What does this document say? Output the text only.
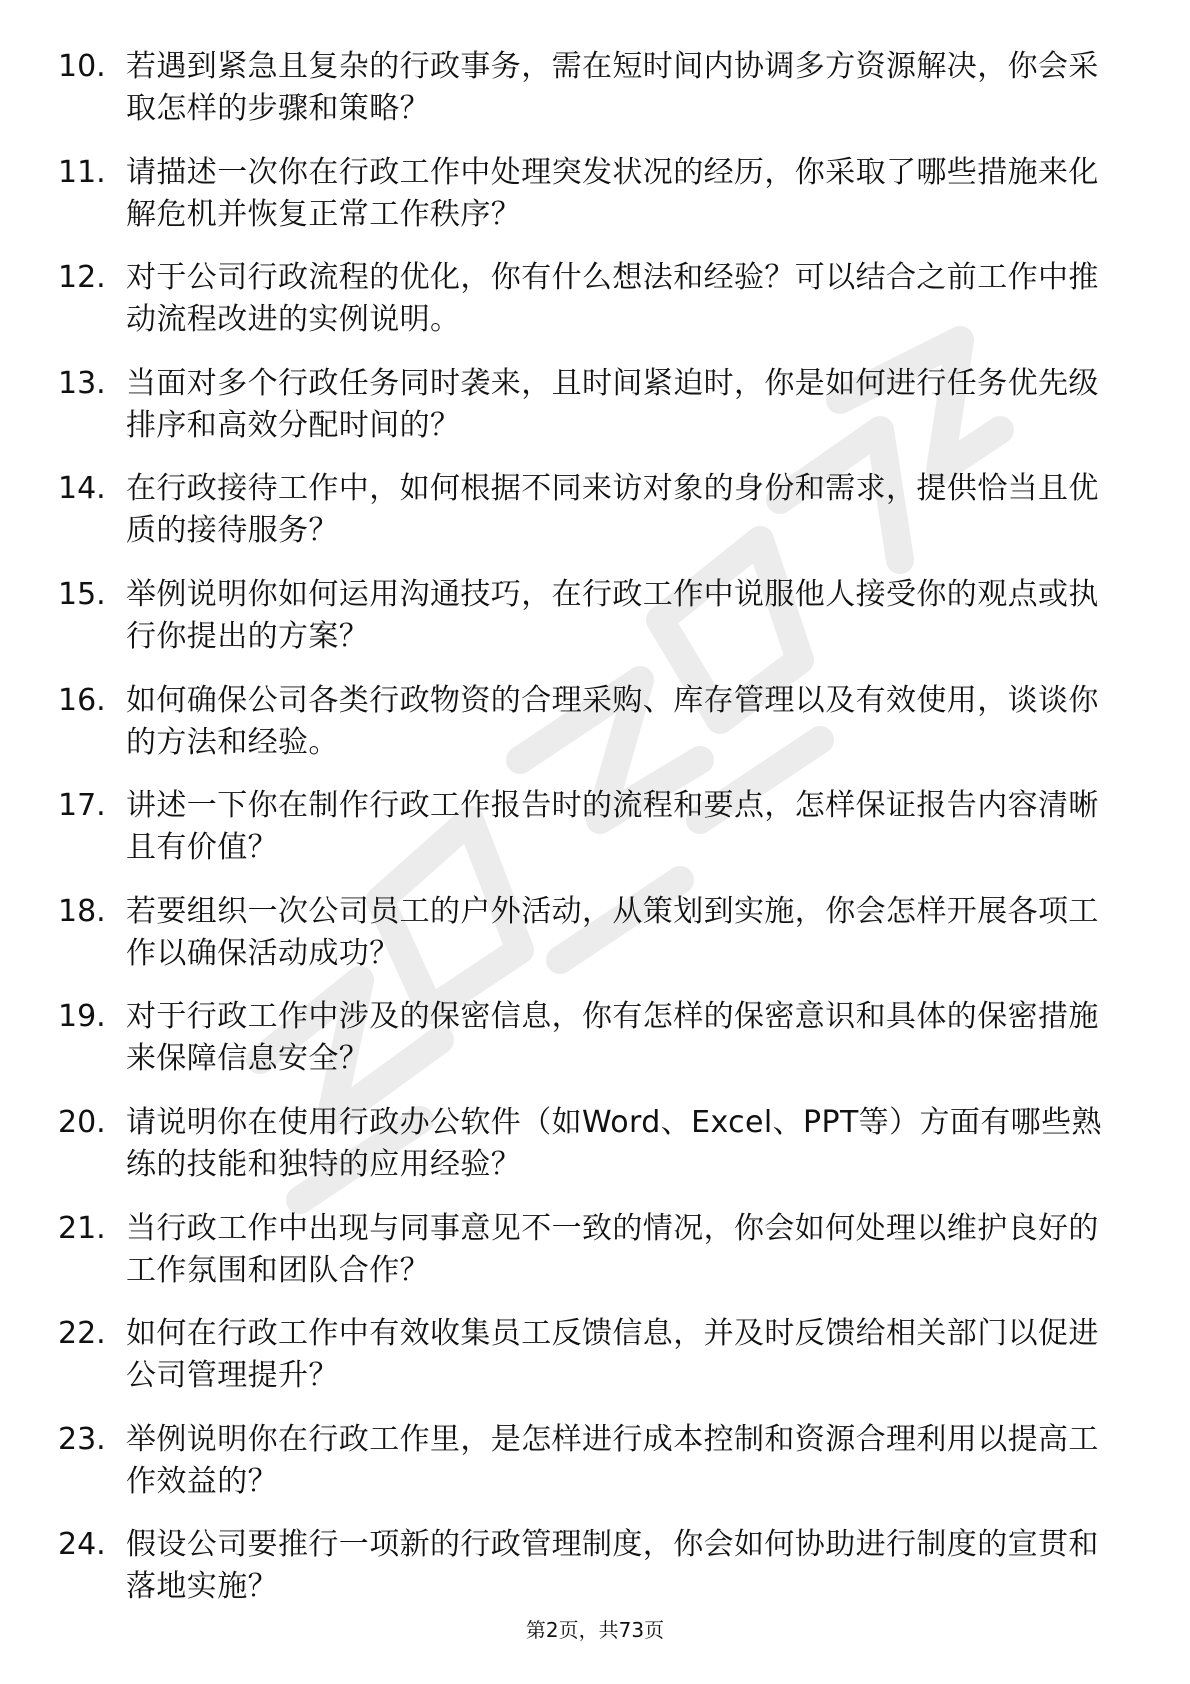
10. 若遇到紧急且复杂的行政事务，需在短时间内协调多方资源解决，你会采取怎样的步骤和策略？
11. 请描述一次你在行政工作中处理突发状况的经历，你采取了哪些措施来化解危机并恢复正常工作秩序？
12. 对于公司行政流程的优化，你有什么想法和经验？可以结合之前工作中推动流程改进的实例说明。
13. 当面对多个行政任务同时袭来，且时间紧迫时，你是如何进行任务优先级排序和高效分配时间的？
14. 在行政接待工作中，如何根据不同来访对象的身份和需求，提供恰当且优质的接待服务？
15. 举例说明你如何运用沟通技巧，在行政工作中说服他人接受你的观点或执行你提出的方案？
16. 如何确保公司各类行政物资的合理采购、库存管理以及有效使用，谈谈你的方法和经验。
17. 讲述一下你在制作行政工作报告时的流程和要点，怎样保证报告内容清晰且有价值？
18. 若要组织一次公司员工的户外活动，从策划到实施，你会怎样开展各项工作以确保活动成功？
19. 对于行政工作中涉及的保密信息，你有怎样的保密意识和具体的保密措施来保障信息安全？
20. 请说明你在使用行政办公软件（如Word、Excel、PPT等）方面有哪些熟练的技能和独特的应用经验？
21. 当行政工作中出现与同事意见不一致的情况，你会如何处理以维护良好的工作氛围和团队合作？
22. 如何在行政工作中有效收集员工反馈信息，并及时反馈给相关部门以促进公司管理提升？
23. 举例说明你在行政工作里，是怎样进行成本控制和资源合理利用以提高工作效益的？
24. 假设公司要推行一项新的行政管理制度，你会如何协助进行制度的宣贯和落地实施？
第2页，共73页
